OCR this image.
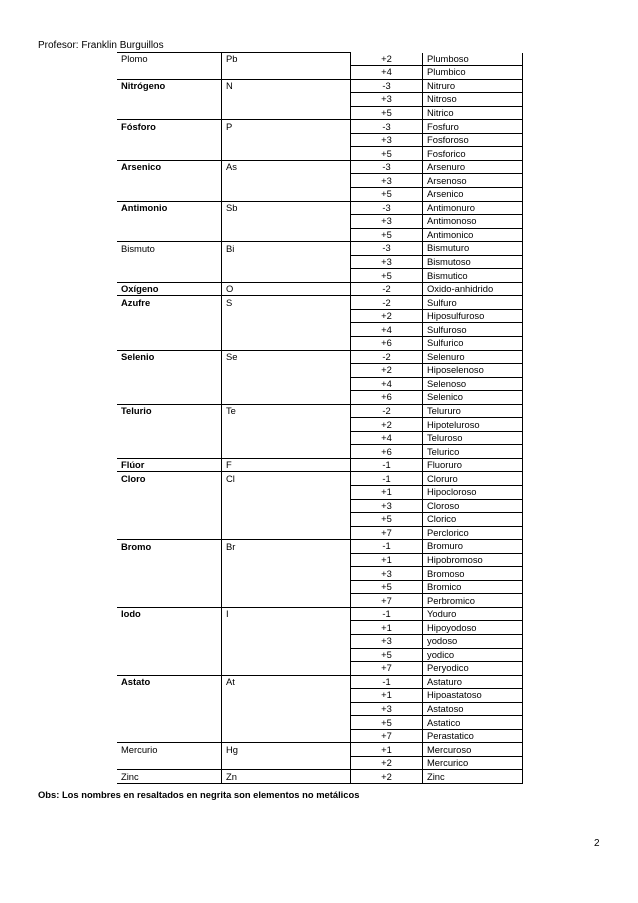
Profesor: Franklin Burguillos
Plomo	Pb	+2	Plumboso
		+4	Plumbico
Nitrógeno	N	-3	Nitruro
		+3	Nitroso
		+5	Nitrico
Fósforo	P	-3	Fosfuro
		+3	Fosforoso
		+5	Fosforico
Arsenico	As	-3	Arsenuro
		+3	Arsenoso
		+5	Arsenico
Antimonio	Sb	-3	Antimonuro
		+3	Antimonoso
		+5	Antimonico
Bismuto	Bi	-3	Bismuturo
		+3	Bismutoso
		+5	Bismutico
Oxígeno	O	-2	Oxido-anhidrido
Azufre	S	-2	Sulfuro
		+2	Hiposulfuroso
		+4	Sulfuroso
		+6	Sulfurico
Selenio	Se	-2	Selenuro
		+2	Hiposelenoso
		+4	Selenoso
		+6	Selenico
Telurio	Te	-2	Telururo
		+2	Hipoteluroso
		+4	Teluroso
		+6	Telurico
Flúor	F	-1	Fluoruro
Cloro	Cl	-1	Cloruro
		+1	Hipocloroso
		+3	Cloroso
		+5	Clorico
		+7	Perclorico
Bromo	Br	-1	Bromuro
		+1	Hipobromoso
		+3	Bromoso
		+5	Bromico
		+7	Perbromico
Iodo	I	-1	Yoduro
		+1	Hipoyodoso
		+3	yodoso
		+5	yodico
		+7	Peryodico
Astato	At	-1	Astaturo
		+1	Hipoastatoso
		+3	Astatoso
		+5	Astatico
		+7	Perastatico
Mercurio	Hg	+1	Mercuroso
		+2	Mercurico
Zinc	Zn	+2	Zinc
Obs: Los nombres en resaltados en negrita son elementos no metálicos
2
